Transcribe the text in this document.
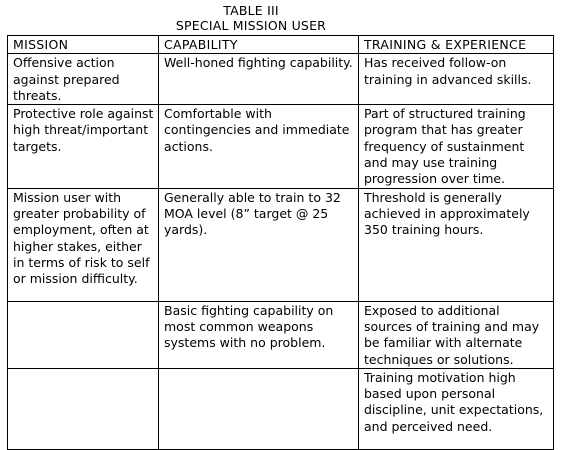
TABLE III
SPECIAL MISSION USER
MISSION	CAPABILITY	TRAINING & EXPERIENCE

Offensive action against prepared threats.	Well-honed fighting capability.	Has received follow-on training in advanced skills.

Protective role against high threat/important targets.	Comfortable with contingencies and immediate actions.	Part of structured training program that has greater frequency of sustainment and may use training progression over time.

Mission user with greater probability of employment, often at higher stakes, either in terms of risk to self or mission difficulty.	Generally able to train to 32 MOA level (8” target @ 25 yards).	Threshold is generally achieved in approximately 350 training hours.

	Basic fighting capability on most common weapons systems with no problem.	Exposed to additional sources of training and may be familiar with alternate techniques or solutions.

		Training motivation high based upon personal discipline, unit expectations, and perceived need.
